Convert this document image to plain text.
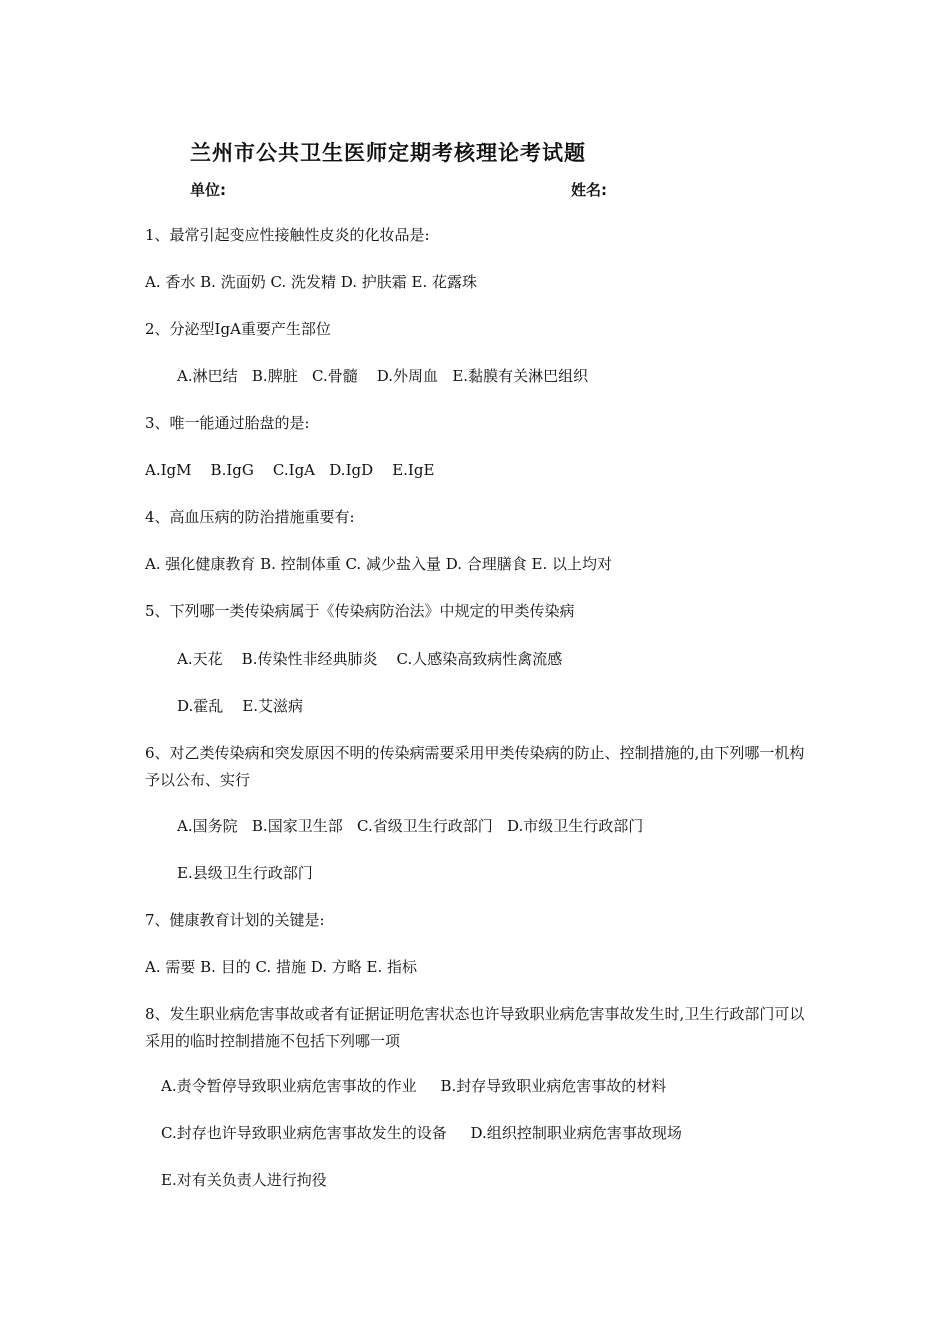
兰州市公共卫生医师定期考核理论考试题
单位:	姓名:
1、最常引起变应性接触性皮炎的化妆品是:
A. 香水 B. 洗面奶 C. 洗发精 D. 护肤霜 E. 花露珠
2、分泌型IgA重要产生部位
A.淋巴结   B.脾脏   C.骨髓    D.外周血   E.黏膜有关淋巴组织
3、唯一能通过胎盘的是:
A.IgM    B.IgG    C.IgA   D.IgD    E.IgE
4、高血压病的防治措施重要有:
A. 强化健康教育 B. 控制体重 C. 减少盐入量 D. 合理膳食 E. 以上均对
5、下列哪一类传染病属于《传染病防治法》中规定的甲类传染病
A.天花    B.传染性非经典肺炎    C.人感染高致病性禽流感
D.霍乱    E.艾滋病
6、对乙类传染病和突发原因不明的传染病需要采用甲类传染病的防止、控制措施的,由下列哪一机构予以公布、实行
A.国务院   B.国家卫生部   C.省级卫生行政部门   D.市级卫生行政部门
E.县级卫生行政部门
7、健康教育计划的关键是:
A. 需要 B. 目的 C. 措施 D. 方略 E. 指标
8、发生职业病危害事故或者有证据证明危害状态也许导致职业病危害事故发生时,卫生行政部门可以采用的临时控制措施不包括下列哪一项
A.责令暂停导致职业病危害事故的作业     B.封存导致职业病危害事故的材料
C.封存也许导致职业病危害事故发生的设备     D.组织控制职业病危害事故现场
E.对有关负责人进行拘役
